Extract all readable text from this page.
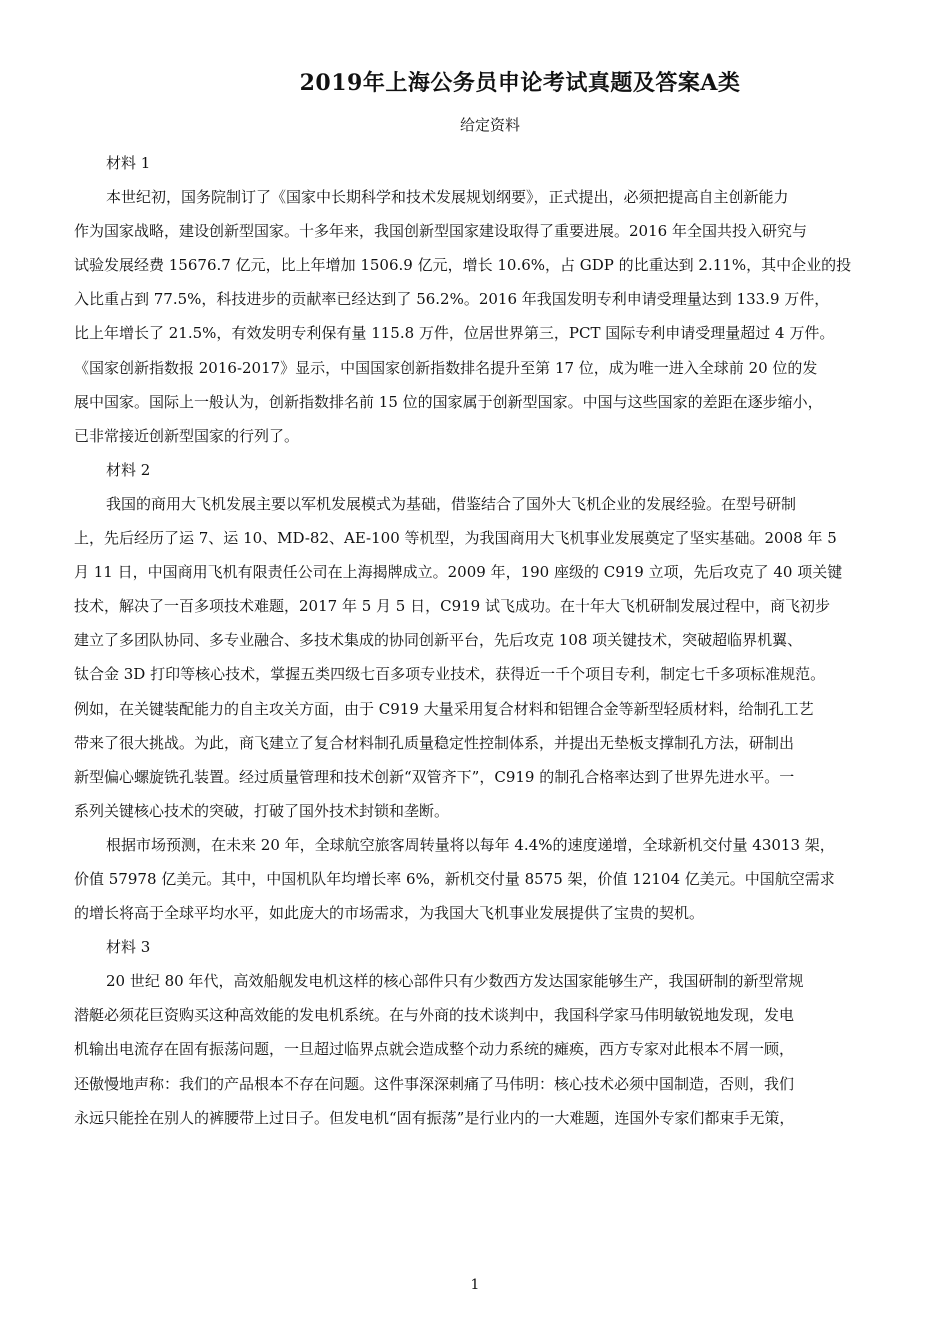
2019年上海公务员申论考试真题及答案A类
给定资料
材料 1
本世纪初，国务院制订了《国家中长期科学和技术发展规划纲要》，正式提出，必须把提高自主创新能力
作为国家战略，建设创新型国家。十多年来，我国创新型国家建设取得了重要进展。2016 年全国共投入研究与
试验发展经费 15676.7 亿元，比上年增加 1506.9 亿元，增长 10.6%，占 GDP 的比重达到 2.11%，其中企业的投
入比重占到 77.5%，科技进步的贡献率已经达到了 56.2%。2016 年我国发明专利申请受理量达到 133.9 万件，
比上年增长了 21.5%，有效发明专利保有量 115.8 万件，位居世界第三，PCT 国际专利申请受理量超过 4 万件。
《国家创新指数报 2016-2017》显示，中国国家创新指数排名提升至第 17 位，成为唯一进入全球前 20 位的发
展中国家。国际上一般认为，创新指数排名前 15 位的国家属于创新型国家。中国与这些国家的差距在逐步缩小，
已非常接近创新型国家的行列了。
材料 2
我国的商用大飞机发展主要以军机发展模式为基础，借鉴结合了国外大飞机企业的发展经验。在型号研制
上，先后经历了运 7、运 10、MD-82、AE-100 等机型，为我国商用大飞机事业发展奠定了坚实基础。2008 年 5
月 11 日，中国商用飞机有限责任公司在上海揭牌成立。2009 年，190 座级的 C919 立项，先后攻克了 40 项关键
技术，解决了一百多项技术难题，2017 年 5 月 5 日，C919 试飞成功。在十年大飞机研制发展过程中，商飞初步
建立了多团队协同、多专业融合、多技术集成的协同创新平台，先后攻克 108 项关键技术，突破超临界机翼、
钛合金 3D 打印等核心技术，掌握五类四级七百多项专业技术，获得近一千个项目专利，制定七千多项标准规范。
例如，在关键装配能力的自主攻关方面，由于 C919 大量采用复合材料和铝锂合金等新型轻质材料，给制孔工艺
带来了很大挑战。为此，商飞建立了复合材料制孔质量稳定性控制体系，并提出无垫板支撑制孔方法，研制出
新型偏心螺旋铣孔装置。经过质量管理和技术创新“双管齐下”，C919 的制孔合格率达到了世界先进水平。一
系列关键核心技术的突破，打破了国外技术封锁和垄断。
根据市场预测，在未来 20 年，全球航空旅客周转量将以每年 4.4%的速度递增，全球新机交付量 43013 架，
价值 57978 亿美元。其中，中国机队年均增长率 6%，新机交付量 8575 架，价值 12104 亿美元。中国航空需求
的增长将高于全球平均水平，如此庞大的市场需求，为我国大飞机事业发展提供了宝贵的契机。
材料 3
20 世纪 80 年代，高效船舰发电机这样的核心部件只有少数西方发达国家能够生产，我国研制的新型常规
潜艇必须花巨资购买这种高效能的发电机系统。在与外商的技术谈判中，我国科学家马伟明敏锐地发现，发电
机输出电流存在固有振荡问题，一旦超过临界点就会造成整个动力系统的瘫痪，西方专家对此根本不屑一顾，
还傲慢地声称：我们的产品根本不存在问题。这件事深深刺痛了马伟明：核心技术必须中国制造，否则，我们
永远只能拴在别人的裤腰带上过日子。但发电机“固有振荡”是行业内的一大难题，连国外专家们都束手无策，
1
